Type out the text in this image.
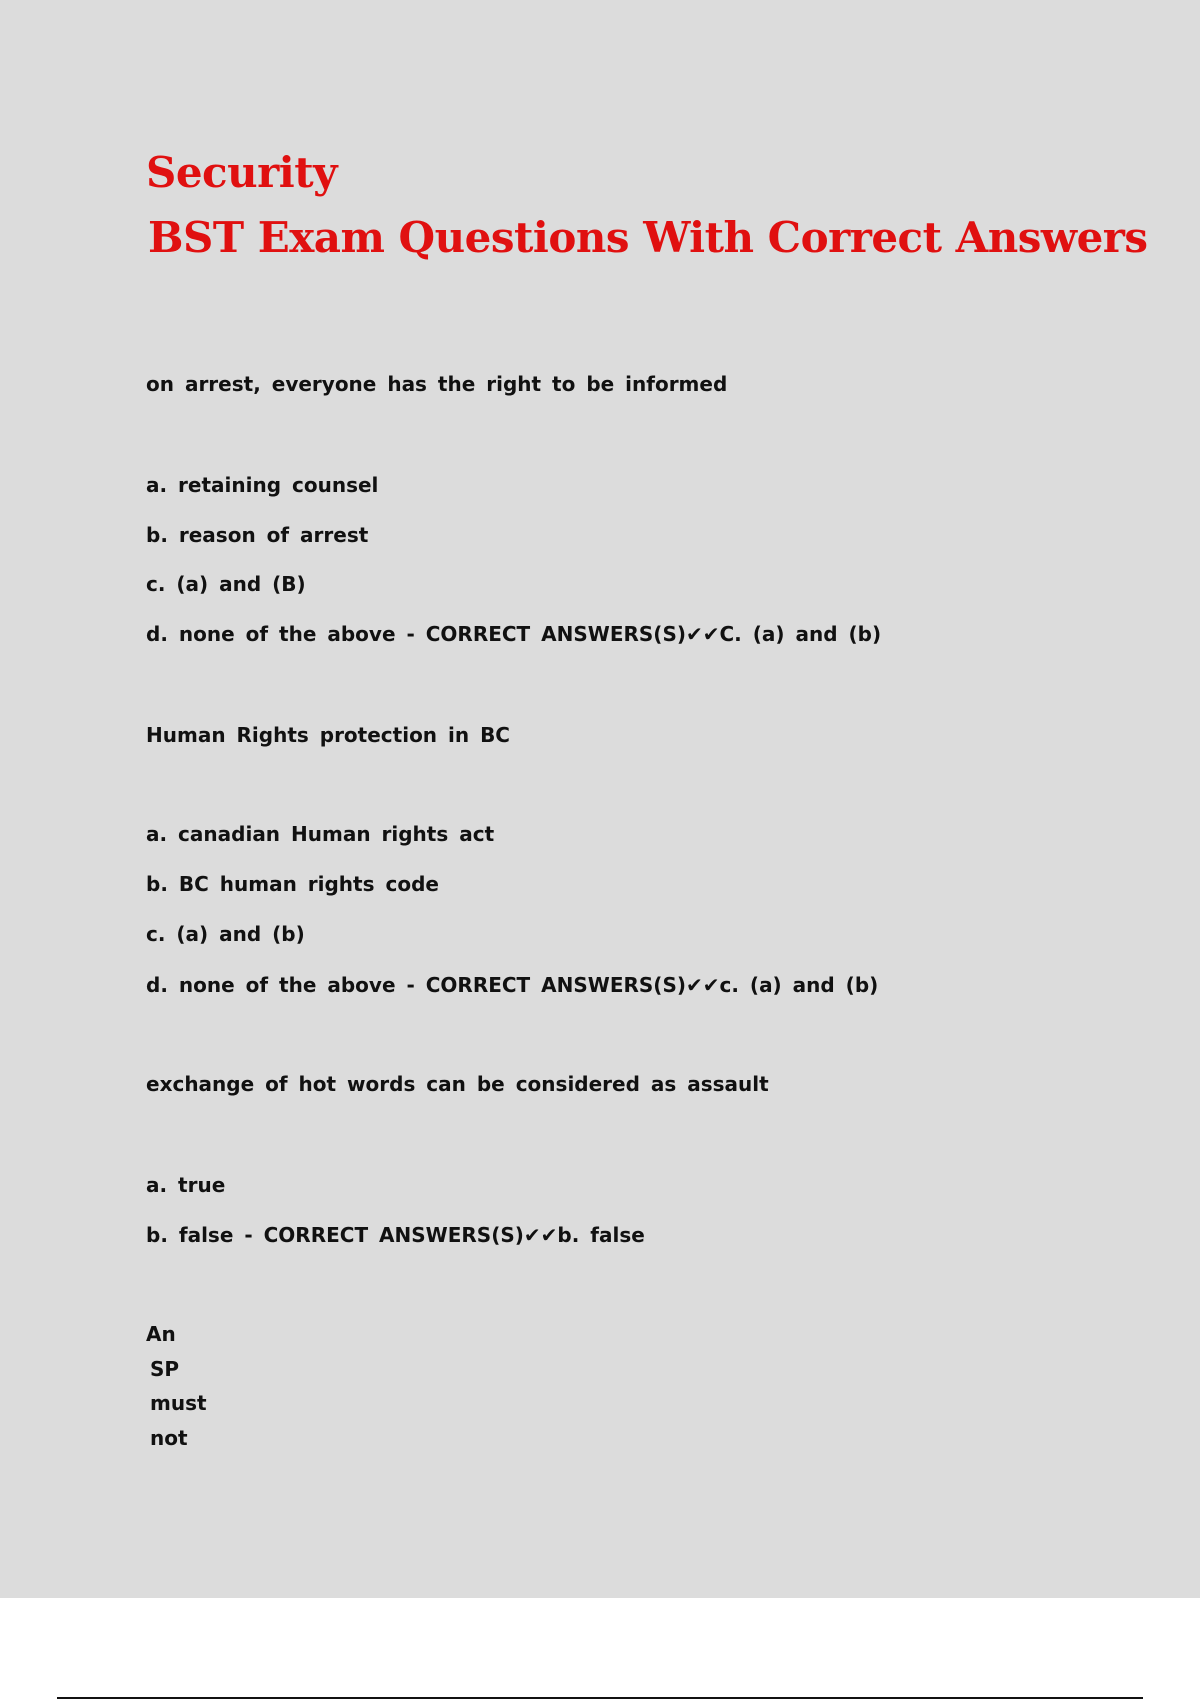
Security
BST Exam Questions With Correct Answers

on arrest, everyone has the right to be informed

a. retaining counsel

b. reason of arrest

c. (a) and (B)

d. none of the above - CORRECT ANSWERS(S)✔✔C. (a) and (b)

Human Rights protection in BC

a. canadian Human rights act

b. BC human rights code

c. (a) and (b)

d. none of the above - CORRECT ANSWERS(S)✔✔c. (a) and (b)

exchange of hot words can be considered as assault

a. true

b. false - CORRECT ANSWERS(S)✔✔b. false

An

SP

must

not
